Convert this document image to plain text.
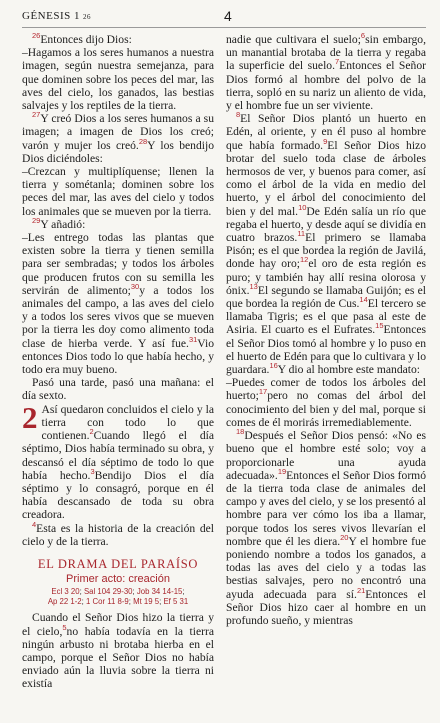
GÉNESIS 1 26	4

$^{26}$Entonces dijo Dios:

–Hagamos a los seres humanos a nuestra imagen, según nuestra semejanza, para que dominen sobre los peces del mar, las aves del cielo, los ganados, las bestias salvajes y los reptiles de la tierra.

$^{27}$Y creó Dios a los seres humanos a su imagen; a imagen de Dios los creó; varón y mujer los creó.$^{28}$Y los bendijo Dios diciéndoles:

–Crezcan y multiplíquense; llenen la tierra y sométanla; dominen sobre los peces del mar, las aves del cielo y todos los animales que se mueven por la tierra.

$^{29}$Y añadió:

–Les entrego todas las plantas que existen sobre la tierra y tienen semilla para ser sembradas; y todos los árboles que producen frutos con su semilla les servirán de alimento;$^{30}$y a todos los animales del campo, a las aves del cielo y a todos los seres vivos que se mueven por la tierra les doy como alimento toda clase de hierba verde. Y así fue.$^{31}$Vio entonces Dios todo lo que había hecho, y todo era muy bueno.

Pasó una tarde, pasó una mañana: el día sexto.

2 Así quedaron concluidos el cielo y la tierra con todo lo que contienen.$^2$Cuando llegó el día séptimo, Dios había terminado su obra, y descansó el día séptimo de todo lo que había hecho.$^3$Bendijo Dios el día séptimo y lo consagró, porque en él había descansado de toda su obra creadora.

$^4$Esta es la historia de la creación del cielo y de la tierra.

EL DRAMA DEL PARAÍSO
Primer acto: creación
Ecl 3 20; Sal 104 29-30; Job 34 14-15;
Ap 22 1-2; 1 Cor 11 8-9; Mt 19 5; Ef 5 31

Cuando el Señor Dios hizo la tierra y el cielo,$^5$no había todavía en la tierra ningún arbusto ni brotaba hierba en el campo, porque el Señor Dios no había enviado aún la lluvia sobre la tierra ni existía

nadie que cultivara el suelo;$^6$sin embargo, un manantial brotaba de la tierra y regaba la superficie del suelo.$^7$Entonces el Señor Dios formó al hombre del polvo de la tierra, sopló en su nariz un aliento de vida, y el hombre fue un ser viviente.

$^8$El Señor Dios plantó un huerto en Edén, al oriente, y en él puso al hombre que había formado.$^9$El Señor Dios hizo brotar del suelo toda clase de árboles hermosos de ver, y buenos para comer, así como el árbol de la vida en medio del huerto, y el árbol del conocimiento del bien y del mal.$^{10}$De Edén salía un río que regaba el huerto, y desde aquí se dividía en cuatro brazos.$^{11}$El primero se llamaba Pisón; es el que bordea la región de Javilá, donde hay oro;$^{12}$el oro de esta región es puro; y también hay allí resina olorosa y ónix.$^{13}$El segundo se llamaba Guijón; es el que bordea la región de Cus.$^{14}$El tercero se llamaba Tigris; es el que pasa al este de Asiria. El cuarto es el Eufrates.$^{15}$Entonces el Señor Dios tomó al hombre y lo puso en el huerto de Edén para que lo cultivara y lo guardara.$^{16}$Y dio al hombre este mandato:

–Puedes comer de todos los árboles del huerto;$^{17}$pero no comas del árbol del conocimiento del bien y del mal, porque si comes de él morirás irremediablemente.

$^{18}$Después el Señor Dios pensó: «No es bueno que el hombre esté solo; voy a proporcionarle una ayuda adecuada».$^{19}$Entonces el Señor Dios formó de la tierra toda clase de animales del campo y aves del cielo, y se los presentó al hombre para ver cómo los iba a llamar, porque todos los seres vivos llevarían el nombre que él les diera.$^{20}$Y el hombre fue poniendo nombre a todos los ganados, a todas las aves del cielo y a todas las bestias salvajes, pero no encontró una ayuda adecuada para sí.$^{21}$Entonces el Señor Dios hizo caer al hombre en un profundo sueño, y mientras
